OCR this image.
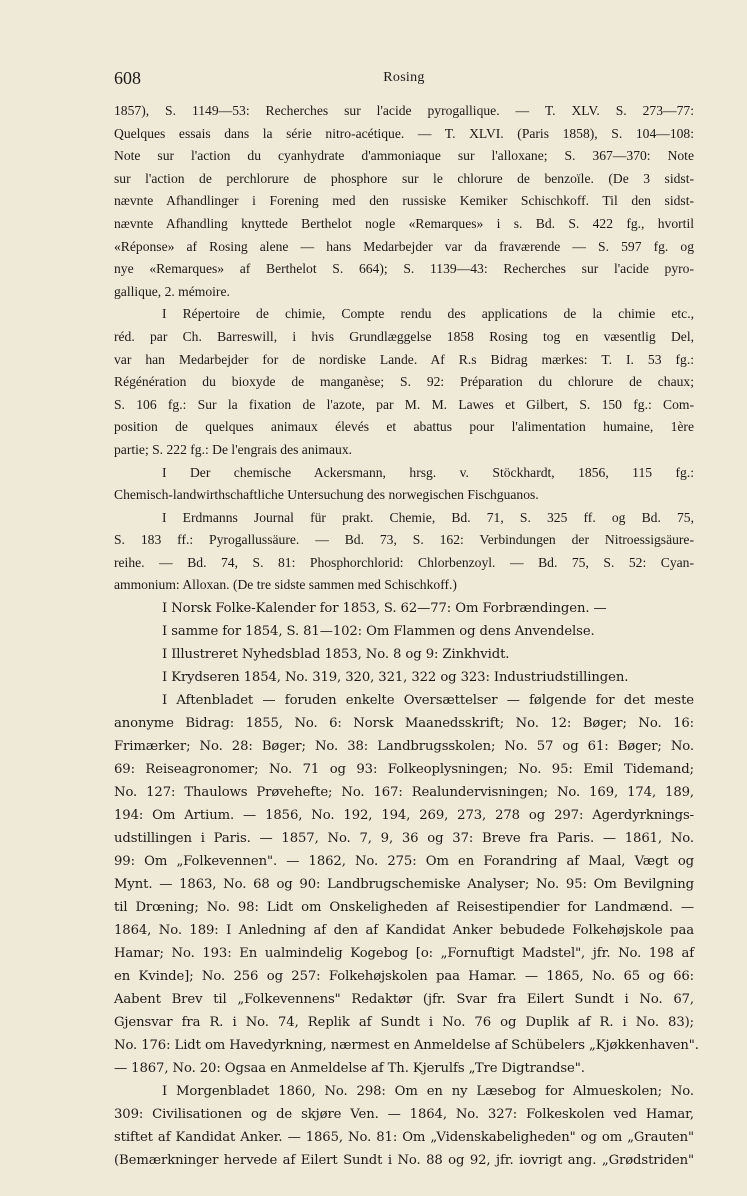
608	Rosing
1857), S. 1149—53: Recherches sur l'acide pyrogallique. — T. XLV. S. 273—77:
Quelques essais dans la série nitro-acétique. — T. XLVI. (Paris 1858), S. 104—108:
Note sur l'action du cyanhydrate d'ammoniaque sur l'alloxane; S. 367—370: Note
sur l'action de perchlorure de phosphore sur le chlorure de benzoïle. (De 3 sidst-
nævnte Afhandlinger i Forening med den russiske Kemiker Schischkoff. Til den sidst-
nævnte Afhandling knyttede Berthelot nogle «Remarques» i s. Bd. S. 422 fg., hvortil
«Réponse» af Rosing alene — hans Medarbejder var da fraværende — S. 597 fg. og
nye «Remarques» af Berthelot S. 664); S. 1139—43: Recherches sur l'acide pyro-
gallique, 2. mémoire.
I Répertoire de chimie, Compte rendu des applications de la chimie etc.,
réd. par Ch. Barreswill, i hvis Grundlæggelse 1858 Rosing tog en væsentlig Del,
var han Medarbejder for de nordiske Lande. Af R.s Bidrag mærkes: T. I. 53 fg.:
Régénération du bioxyde de manganèse; S. 92: Préparation du chlorure de chaux;
S. 106 fg.: Sur la fixation de l'azote, par M. M. Lawes et Gilbert, S. 150 fg.: Com-
position de quelques animaux élevés et abattus pour l'alimentation humaine, 1ère
partie; S. 222 fg.: De l'engrais des animaux.
I Der chemische Ackersmann, hrsg. v. Stöckhardt, 1856, 115 fg.:
Chemisch-landwirthschaftliche Untersuchung des norwegischen Fischguanos.
I Erdmanns Journal für prakt. Chemie, Bd. 71, S. 325 ff. og Bd. 75,
S. 183 ff.: Pyrogallussäure. — Bd. 73, S. 162: Verbindungen der Nitroessigsäure-
reihe. — Bd. 74, S. 81: Phosphorchlorid: Chlorbenzoyl. — Bd. 75, S. 52: Cyan-
ammonium: Alloxan. (De tre sidste sammen med Schischkoff.)
I Norsk Folke-Kalender for 1853, S. 62—77: Om Forbrændingen. —
I samme for 1854, S. 81—102: Om Flammen og dens Anvendelse.
I Illustreret Nyhedsblad 1853, No. 8 og 9: Zinkhvidt.
I Krydseren 1854, No. 319, 320, 321, 322 og 323: Industriudstillingen.
I Aftenbladet — foruden enkelte Oversættelser — følgende for det meste
anonyme Bidrag: 1855, No. 6: Norsk Maanedsskrift; No. 12: Bøger; No. 16:
Frimærker; No. 28: Bøger; No. 38: Landbrugsskolen; No. 57 og 61: Bøger; No.
69: Reiseagronomer; No. 71 og 93: Folkeoplysningen; No. 95: Emil Tidemand;
No. 127: Thaulows Prøvehefte; No. 167: Realundervisningen; No. 169, 174, 189,
194: Om Artium. — 1856, No. 192, 194, 269, 273, 278 og 297: Agerdyrknings-
udstillingen i Paris. — 1857, No. 7, 9, 36 og 37: Breve fra Paris. — 1861, No.
99: Om „Folkevennen". — 1862, No. 275: Om en Forandring af Maal, Vægt og
Mynt. — 1863, No. 68 og 90: Landbrugschemiske Analyser; No. 95: Om Bevilgning
til Drœning; No. 98: Lidt om Onskeligheden af Reisestipendier for Landmænd. —
1864, No. 189: I Anledning af den af Kandidat Anker bebudede Folkehøjskole paa
Hamar; No. 193: En ualmindelig Kogebog [o: „Fornuftigt Madstel", jfr. No. 198 af
en Kvinde]; No. 256 og 257: Folkehøjskolen paa Hamar. — 1865, No. 65 og 66:
Aabent Brev til „Folkevennens" Redaktør (jfr. Svar fra Eilert Sundt i No. 67,
Gjensvar fra R. i No. 74, Replik af Sundt i No. 76 og Duplik af R. i No. 83);
No. 176: Lidt om Havedyrkning, nærmest en Anmeldelse af Schübelers „Kjøkkenhaven".
— 1867, No. 20: Ogsaa en Anmeldelse af Th. Kjerulfs „Tre Digtrandse".
I Morgenbladet 1860, No. 298: Om en ny Læsebog for Almueskolen; No.
309: Civilisationen og de skjøre Ven. — 1864, No. 327: Folkeskolen ved Hamar,
stiftet af Kandidat Anker. — 1865, No. 81: Om „Videnskabeligheden" og om „Grauten"
(Bemærkninger hervede af Eilert Sundt i No. 88 og 92, jfr. iovrigt ang. „Grødstriden"
